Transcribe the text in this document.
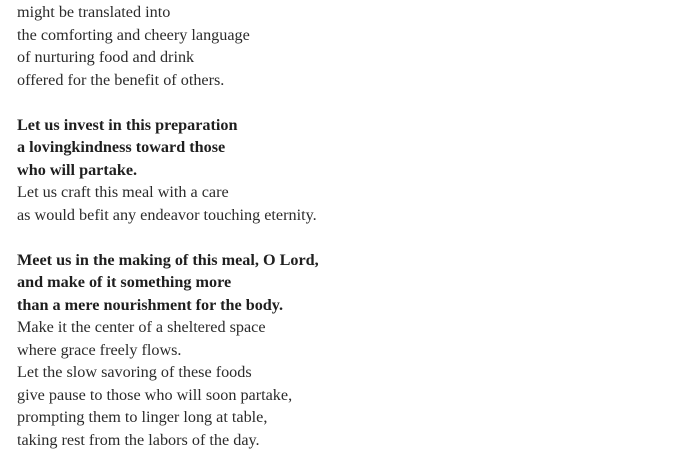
might be translated into
the comforting and cheery language
of nurturing food and drink
offered for the benefit of others.
Let us invest in this preparation
a lovingkindness toward those
who will partake.
Let us craft this meal with a care
as would befit any endeavor touching eternity.
Meet us in the making of this meal, O Lord,
and make of it something more
than a mere nourishment for the body.
Make it the center of a sheltered space
where grace freely flows.
Let the slow savoring of these foods
give pause to those who will soon partake,
prompting them to linger long at table,
taking rest from the labors of the day.
